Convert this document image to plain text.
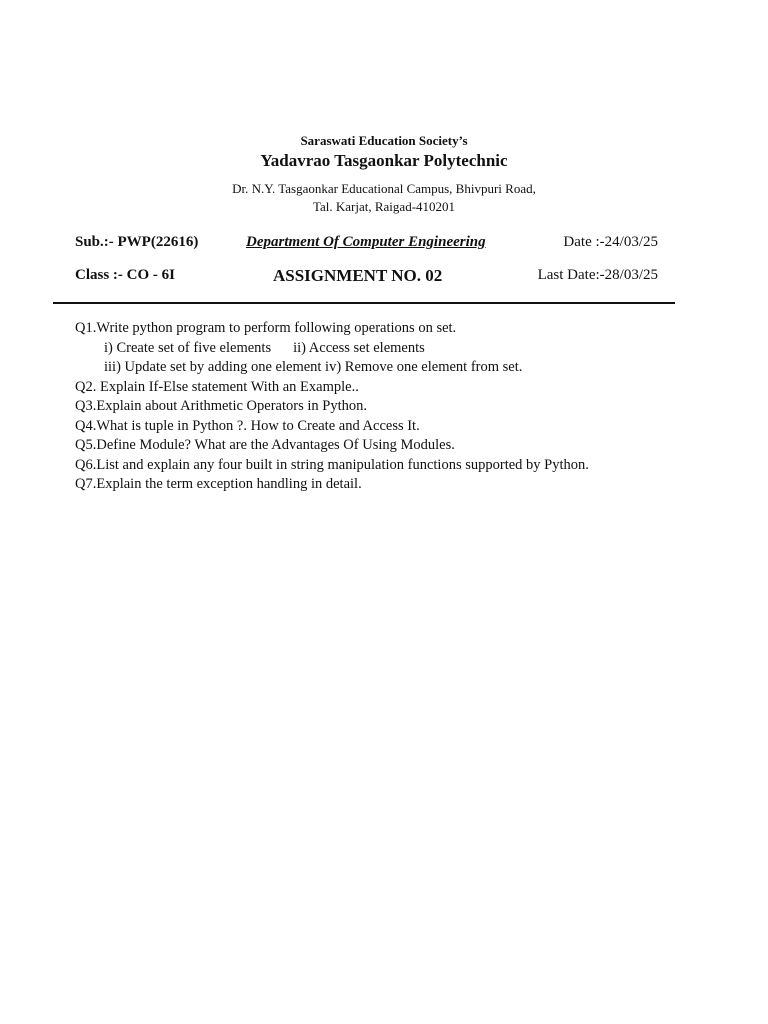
Saraswati Education Society’s
Yadavrao Tasgaonkar Polytechnic
Dr. N.Y. Tasgaonkar Educational Campus, Bhivpuri Road,
Tal. Karjat, Raigad-410201
Sub.:- PWP(22616)	Department Of Computer Engineering	Date :-24/03/25
Class :- CO - 6I	ASSIGNMENT NO. 02	Last Date:-28/03/25
Q1.Write python program to perform following operations on set.
i) Create set of five elements ii) Access set elements
iii) Update set by adding one element iv) Remove one element from set.
Q2. Explain If-Else statement With an Example..
Q3.Explain about Arithmetic Operators in Python.
Q4.What is tuple in Python ?. How to Create and Access It.
Q5.Define Module? What are the Advantages Of Using Modules.
Q6.List and explain any four built in string manipulation functions supported by Python.
Q7.Explain the term exception handling in detail.
